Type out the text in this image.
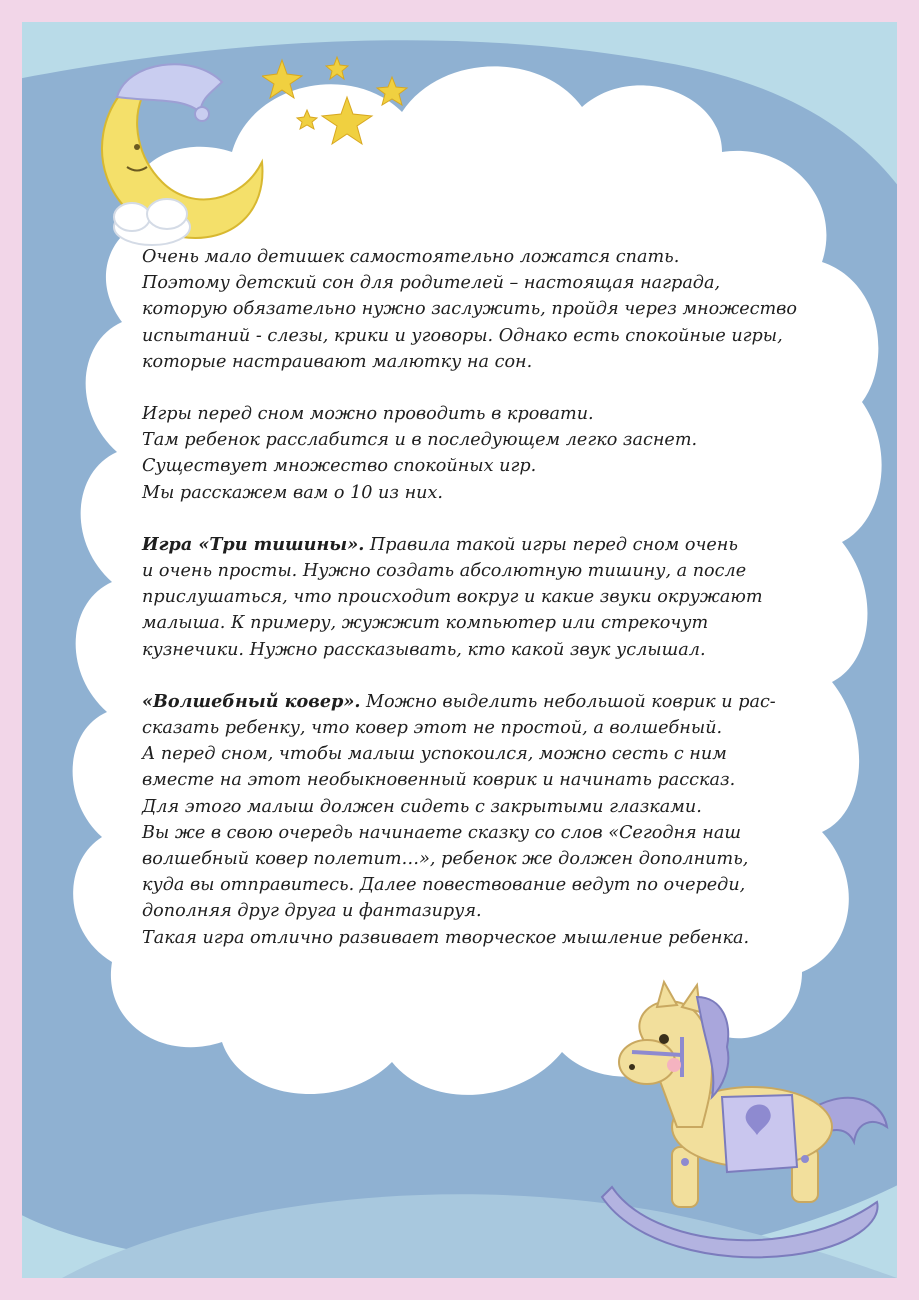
Очень мало детишек самостоятельно ложатся спать.
Поэтому детский сон для родителей – настоящая награда,
которую обязательно нужно заслужить, пройдя через множество
испытаний - слезы, крики и уговоры. Однако есть спокойные игры,
которые настраивают малютку на сон.

Игры перед сном можно проводить в кровати.
Там ребенок расслабится и в последующем легко заснет.
Существует множество спокойных игр.
Мы расскажем вам о 10 из них.

Игра «Три тишины». Правила такой игры перед сном очень
и очень просты. Нужно создать абсолютную тишину, а после
прислушаться, что происходит вокруг и какие звуки окружают
малыша. К примеру, жужжит компьютер или стрекочут
кузнечики. Нужно рассказывать, кто какой звук услышал.

«Волшебный ковер». Можно выделить небольшой коврик и рас-
сказать ребенку, что ковер этот не простой, а волшебный.
А перед сном, чтобы малыш успокоился, можно сесть с ним
вместе на этот необыкновенный коврик и начинать рассказ.
Для этого малыш должен сидеть с закрытыми глазками.
Вы же в свою очередь начинаете сказку со слов «Сегодня наш
волшебный ковер полетит…», ребенок же должен дополнить,
куда вы отправитесь. Далее повествование ведут по очереди,
дополняя друг друга и фантазируя.
Такая игра отлично развивает творческое мышление ребенка.
